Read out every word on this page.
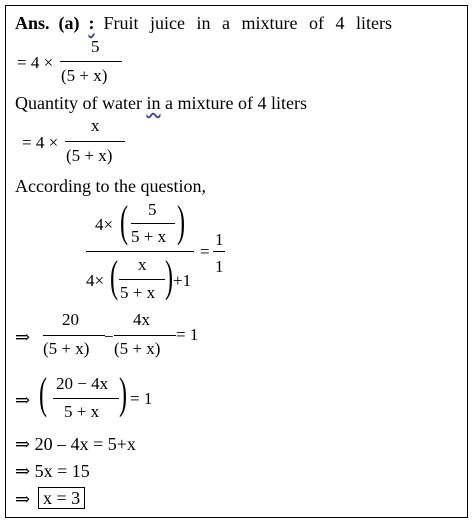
Ans. (a) : Fruit juice in a mixture of 4 liters
= 4 ×
5
(5 + x)
Quantity of water in a mixture of 4 liters
= 4 ×
x
(5 + x)
According to the question,
4× ( 5
5 + x )
4× ( x
5 + x ) +1
=
1
1
⇒
20
(5 + x)
−
4x
(5 + x)
= 1
⇒ ( 20 − 4x
5 + x ) = 1
⇒ 20 – 4x = 5+x
⇒ 5x = 15
⇒ x = 3
